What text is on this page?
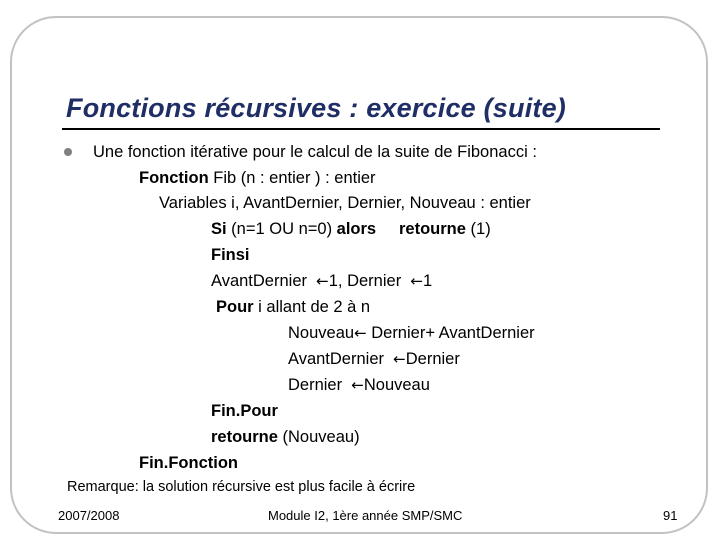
Fonctions récursives : exercice (suite)
Une fonction itérative pour le calcul de la suite de Fibonacci :
Fonction Fib (n : entier ) : entier
Variables i, AvantDernier, Dernier, Nouveau : entier
Si (n=1 OU n=0) alors retourne (1)
Finsi
AvantDernier  ←1, Dernier  ←1
Pour i allant de 2 à n
Nouveau← Dernier+ AvantDernier
AvantDernier  ←Dernier
Dernier  ←Nouveau
Fin.Pour
retourne (Nouveau)
Fin.Fonction
Remarque: la solution récursive est plus facile à écrire
2007/2008	Module I2, 1ère année SMP/SMC	91
